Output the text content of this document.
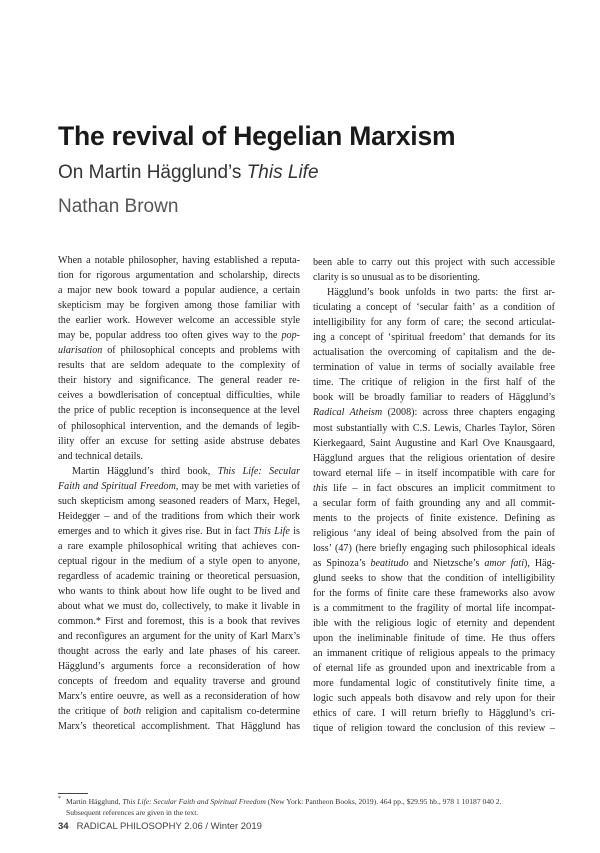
The revival of Hegelian Marxism
On Martin Hägglund’s This Life
Nathan Brown
When a notable philosopher, having established a reputa-
tion for rigorous argumentation and scholarship, directs
a major new book toward a popular audience, a certain
skepticism may be forgiven among those familiar with
the earlier work. However welcome an accessible style
may be, popular address too often gives way to the pop-
ularisation of philosophical concepts and problems with
results that are seldom adequate to the complexity of
their history and significance. The general reader re-
ceives a bowdlerisation of conceptual difficulties, while
the price of public reception is inconsequence at the level
of philosophical intervention, and the demands of legib-
ility offer an excuse for setting aside abstruse debates
and technical details.
Martin Hägglund’s third book, This Life: Secular
Faith and Spiritual Freedom, may be met with varieties of
such skepticism among seasoned readers of Marx, Hegel,
Heidegger – and of the traditions from which their work
emerges and to which it gives rise. But in fact This Life is
a rare example philosophical writing that achieves con-
ceptual rigour in the medium of a style open to anyone,
regardless of academic training or theoretical persuasion,
who wants to think about how life ought to be lived and
about what we must do, collectively, to make it livable in
common.* First and foremost, this is a book that revives
and reconfigures an argument for the unity of Karl Marx’s
thought across the early and late phases of his career.
Hägglund’s arguments force a reconsideration of how
concepts of freedom and equality traverse and ground
Marx’s entire oeuvre, as well as a reconsideration of how
the critique of both religion and capitalism co-determine
Marx’s theoretical accomplishment. That Hägglund has
been able to carry out this project with such accessible
clarity is so unusual as to be disorienting.
Hägglund’s book unfolds in two parts: the first ar-
ticulating a concept of ‘secular faith’ as a condition of
intelligibility for any form of care; the second articulat-
ing a concept of ‘spiritual freedom’ that demands for its
actualisation the overcoming of capitalism and the de-
termination of value in terms of socially available free
time. The critique of religion in the first half of the
book will be broadly familiar to readers of Hägglund’s
Radical Atheism (2008): across three chapters engaging
most substantially with C.S. Lewis, Charles Taylor, Sören
Kierkegaard, Saint Augustine and Karl Ove Knausgaard,
Hägglund argues that the religious orientation of desire
toward eternal life – in itself incompatible with care for
this life – in fact obscures an implicit commitment to
a secular form of faith grounding any and all commit-
ments to the projects of finite existence. Defining as
religious ‘any ideal of being absolved from the pain of
loss’ (47) (here briefly engaging such philosophical ideals
as Spinoza’s beatitudo and Nietzsche’s amor fati), Häg-
glund seeks to show that the condition of intelligibility
for the forms of finite care these frameworks also avow
is a commitment to the fragility of mortal life incompat-
ible with the religious logic of eternity and dependent
upon the ineliminable finitude of time. He thus offers
an immanent critique of religious appeals to the primacy
of eternal life as grounded upon and inextricable from a
more fundamental logic of constitutively finite time, a
logic such appeals both disavow and rely upon for their
ethics of care. I will return briefly to Hägglund’s cri-
tique of religion toward the conclusion of this review –
* Martin Hägglund, This Life: Secular Faith and Spiritual Freedom (New York: Pantheon Books, 2019). 464 pp., $29.95 hb., 978 1 10187 040 2.
Subsequent references are given in the text.
34 RADICAL PHILOSOPHY 2.06 / Winter 2019
